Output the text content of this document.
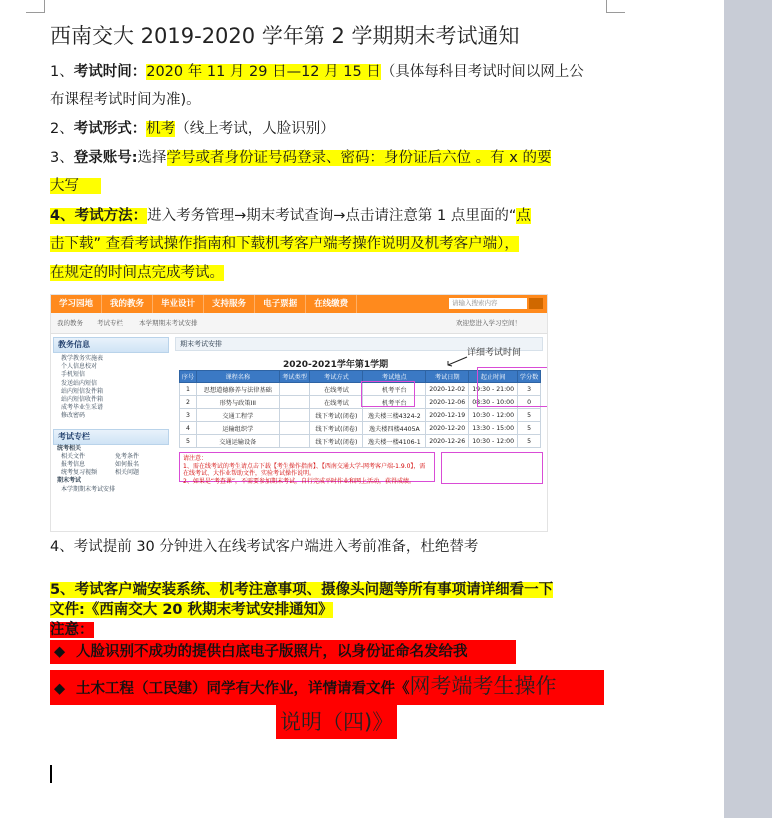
西南交大 2019-2020 学年第 2 学期期末考试通知
1、考试时间：2020 年 11 月 29 日—12 月 15 日（具体每科目考试时间以网上公
布课程考试时间为准)。
2、考试形式：机考（线上考试，人脸识别）
3、登录账号:选择学号或者身份证号码登录、密码：身份证后六位 。有 x 的要
大写
4、考试方法：进入考务管理→期末考试查询→点击请注意第 1 点里面的“点
击下载” 查看考试操作指南和下载机考客户端考操作说明及机考客户端），
在规定的时间点完成考试。
学习园地 我的教务 毕业设计 支持服务 电子票据 在线缴费	请输入搜索内容
我的教务 考试专栏 本学期期末考试安排	欢迎您进入学习空间！
教务信息
教学教务实施表
个人信息校对
手机短信
发送站内短信
站内短信发件箱
站内短信收件箱
成考毕业生采谱
修改密码
考试专栏
统考相关
相关文件	免考条件
报考信息	如何报名
统考复习视频	相关问题
期末考试
本学期期末考试安排
期末考试安排
详细考试时间
2020-2021学年第1学期
序号	课程名称	考试类型	考试方式	考试地点	考试日期	起止时间	学分数
1	思想道德修养与法律基础		在线考试	机考平台	2020-12-02	19:30 - 21:00	3
2	形势与政策III		在线考试	机考平台	2020-12-06	08:30 - 10:00	0
3	交通工程学		线下考试(闭卷)	逸夫楼三楼4324-2	2020-12-19	10:30 - 12:00	5
4	运输组织学		线下考试(闭卷)	逸夫楼四楼4405A	2020-12-20	13:30 - 15:00	5
5	交通运输设备		线下考试(闭卷)	逸夫楼一楼4106-1	2020-12-26	10:30 - 12:00	5
请注意：
1、需在线考试的考生请点击下载【考生操作指南】、【西南交通大学-网考客户端-1.9.0】，需在线考试、大作业帮助文件，实验考试操作说明。
2、如果是“考查课”，不需要参加期末考试，自行完成平时作业和网上活动，获得成绩。
4、考试提前 30 分钟进入在线考试客户端进入考前准备，杜绝替考
5、考试客户端安装系统、机考注意事项、摄像头问题等所有事项请详细看一下
文件:《西南交大 20 秋期末考试安排通知》
注意：
◆ 人脸识别不成功的提供白底电子版照片，以身份证命名发给我
◆ 土木工程（工民建）同学有大作业，详情请看文件《网考端考生操作
说明（四)》
